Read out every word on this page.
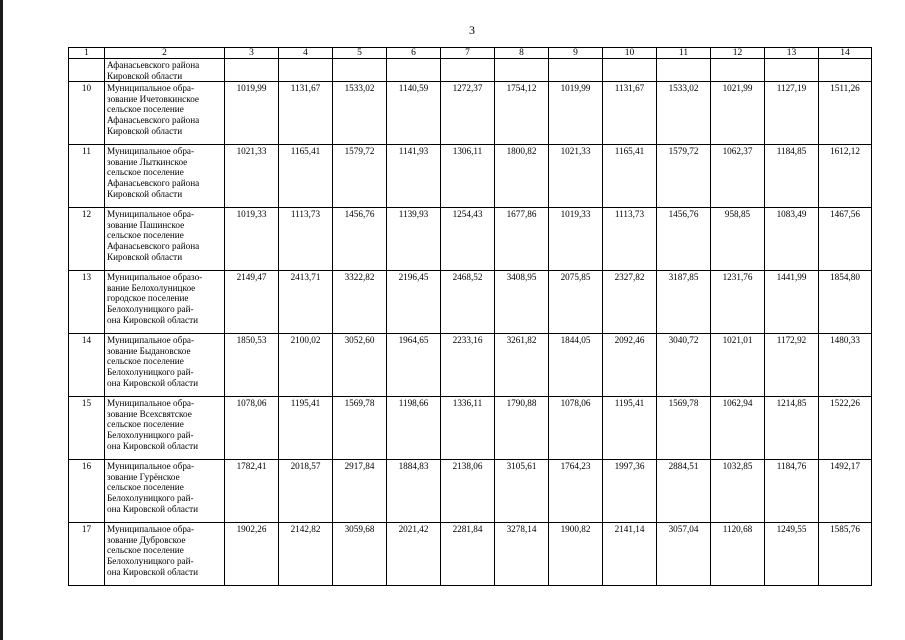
3
1	2	3	4	5	6	7	8	9	10	11	12	13	14

	Афанасьевского района
Кировской области												

10	Муниципальное обра-
зование Ичетовкинское
сельское поселение
Афанасьевского района
Кировской области	1019,99	1131,67	1533,02	1140,59	1272,37	1754,12	1019,99	1131,67	1533,02	1021,99	1127,19	1511,26
11	Муниципальное обра-
зование Лыткинское
сельское поселение
Афанасьевского района
Кировской области	1021,33	1165,41	1579,72	1141,93	1306,11	1800,82	1021,33	1165,41	1579,72	1062,37	1184,85	1612,12
12	Муниципальное обра-
зование Пашинское
сельское поселение
Афанасьевского района
Кировской области	1019,33	1113,73	1456,76	1139,93	1254,43	1677,86	1019,33	1113,73	1456,76	958,85	1083,49	1467,56
13	Муниципальное образо-
вание Белохолуницкое
городское поселение
Белохолуницкого рай-
она Кировской области	2149,47	2413,71	3322,82	2196,45	2468,52	3408,95	2075,85	2327,82	3187,85	1231,76	1441,99	1854,80
14	Муниципальное обра-
зование Быдановское
сельское поселение
Белохолуницкого рай-
она Кировской области	1850,53	2100,02	3052,60	1964,65	2233,16	3261,82	1844,05	2092,46	3040,72	1021,01	1172,92	1480,33
15	Муниципальное обра-
зование Всехсвятское
сельское поселение
Белохолуницкого рай-
она Кировской области	1078,06	1195,41	1569,78	1198,66	1336,11	1790,88	1078,06	1195,41	1569,78	1062,94	1214,85	1522,26
16	Муниципальное обра-
зование Гурёнское
сельское поселение
Белохолуницкого рай-
она Кировской области	1782,41	2018,57	2917,84	1884,83	2138,06	3105,61	1764,23	1997,36	2884,51	1032,85	1184,76	1492,17
17	Муниципальное обра-
зование Дубровское
сельское поселение
Белохолуницкого рай-
она Кировской области	1902,26	2142,82	3059,68	2021,42	2281,84	3278,14	1900,82	2141,14	3057,04	1120,68	1249,55	1585,76
